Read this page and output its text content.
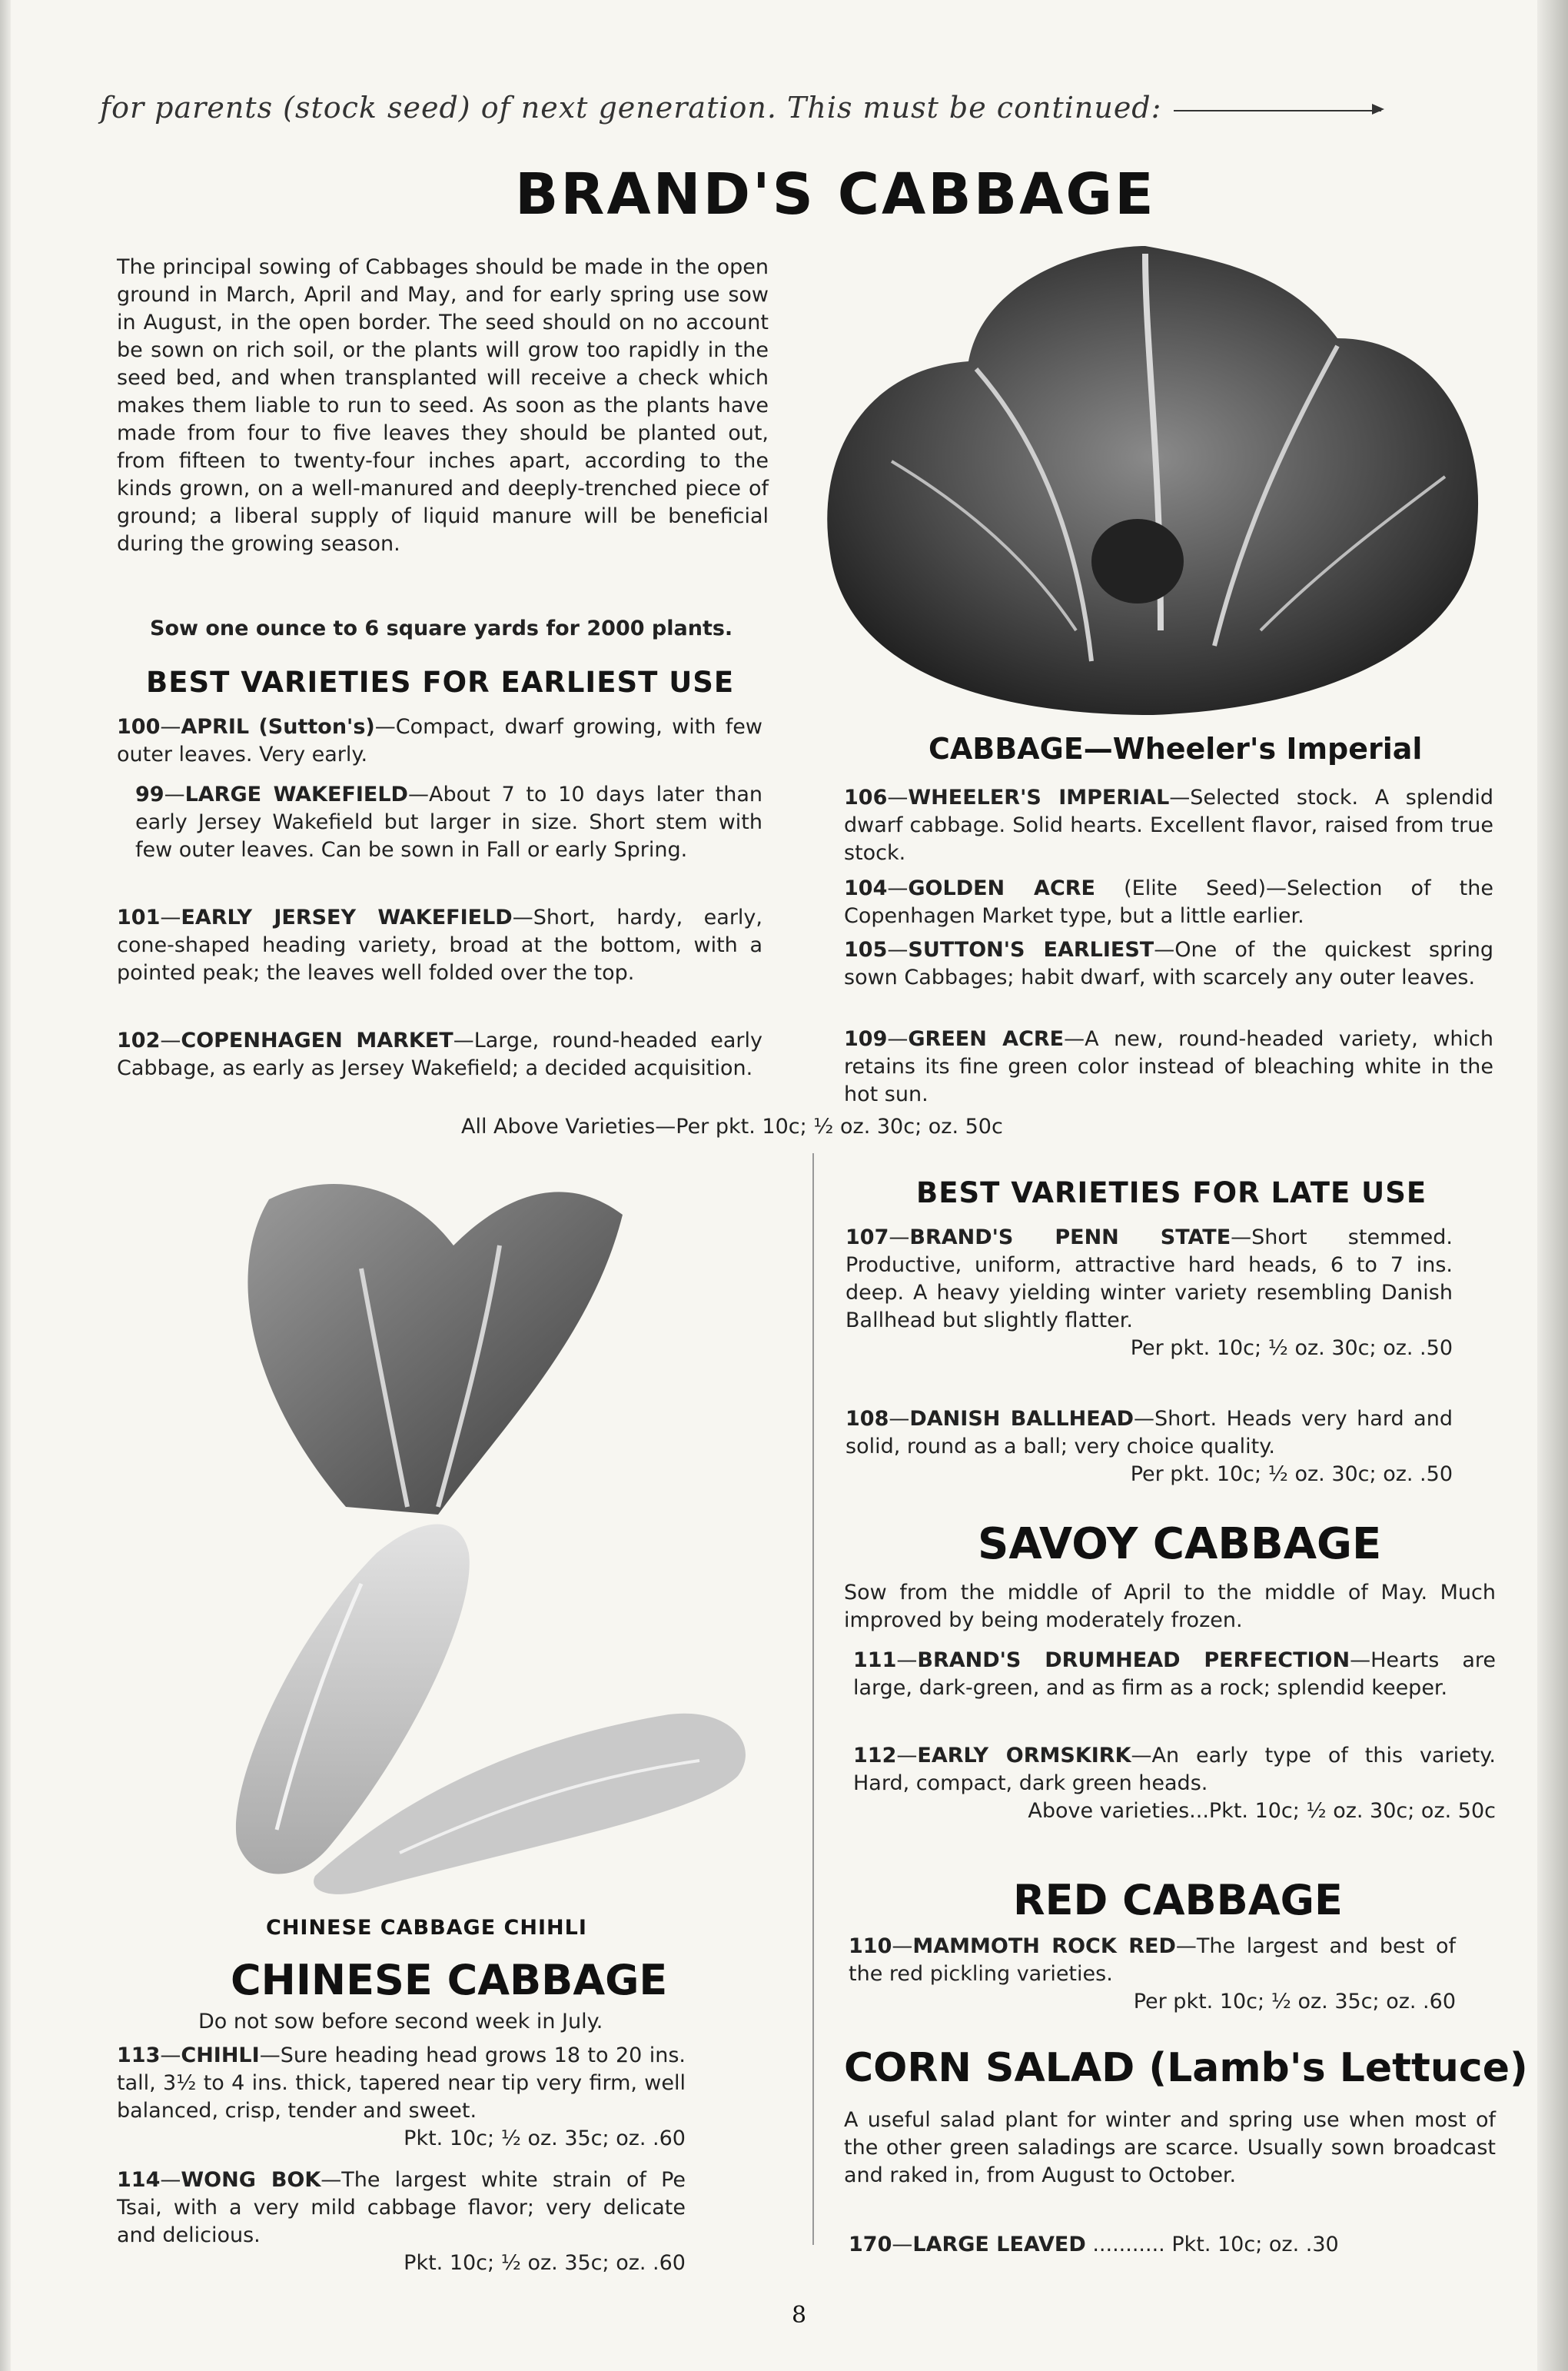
for parents (stock seed) of next generation. This must be continued:
BRAND'S CABBAGE
The principal sowing of Cabbages should be made in the open ground in March, April and May, and for early spring use sow in August, in the open border. The seed should on no account be sown on rich soil, or the plants will grow too rapidly in the seed bed, and when transplanted will receive a check which makes them liable to run to seed. As soon as the plants have made from four to five leaves they should be planted out, from fifteen to twenty-four inches apart, according to the kinds grown, on a well-manured and deeply-trenched piece of ground; a liberal supply of liquid manure will be beneficial during the growing season.
Sow one ounce to 6 square yards for 2000 plants.
BEST VARIETIES FOR EARLIEST USE
100—APRIL (Sutton's)—Compact, dwarf growing, with few outer leaves. Very early.
99—LARGE WAKEFIELD—About 7 to 10 days later than early Jersey Wakefield but larger in size. Short stem with few outer leaves. Can be sown in Fall or early Spring.
101—EARLY JERSEY WAKEFIELD—Short, hardy, early, cone-shaped heading variety, broad at the bottom, with a pointed peak; the leaves well folded over the top.
102—COPENHAGEN MARKET—Large, round-headed early Cabbage, as early as Jersey Wakefield; a decided acquisition.
All Above Varieties—Per pkt. 10c; ½ oz. 30c; oz. 50c
CABBAGE—Wheeler's Imperial
106—WHEELER'S IMPERIAL—Selected stock. A splendid dwarf cabbage. Solid hearts. Excellent flavor, raised from true stock.
104—GOLDEN ACRE (Elite Seed)—Selection of the Copenhagen Market type, but a little earlier.
105—SUTTON'S EARLIEST—One of the quickest spring sown Cabbages; habit dwarf, with scarcely any outer leaves.
109—GREEN ACRE—A new, round-headed variety, which retains its fine green color instead of bleaching white in the hot sun.
BEST VARIETIES FOR LATE USE
107—BRAND'S PENN STATE—Short stemmed. Productive, uniform, attractive hard heads, 6 to 7 ins. deep. A heavy yielding winter variety resembling Danish Ballhead but slightly flatter.
Per pkt. 10c; ½ oz. 30c; oz. .50
108—DANISH BALLHEAD—Short. Heads very hard and solid, round as a ball; very choice quality.
Per pkt. 10c; ½ oz. 30c; oz. .50
SAVOY CABBAGE
Sow from the middle of April to the middle of May. Much improved by being moderately frozen.
111—BRAND'S DRUMHEAD PERFECTION—Hearts are large, dark-green, and as firm as a rock; splendid keeper.
112—EARLY ORMSKIRK—An early type of this variety. Hard, compact, dark green heads.
Above varieties...Pkt. 10c; ½ oz. 30c; oz. 50c
RED CABBAGE
110—MAMMOTH ROCK RED—The largest and best of the red pickling varieties.
Per pkt. 10c; ½ oz. 35c; oz. .60
CORN SALAD (Lamb's Lettuce)
A useful salad plant for winter and spring use when most of the other green saladings are scarce. Usually sown broadcast and raked in, from August to October.
170—LARGE LEAVED ........... Pkt. 10c; oz. .30
CHINESE CABBAGE CHIHLI
CHINESE CABBAGE
Do not sow before second week in July.
113—CHIHLI—Sure heading head grows 18 to 20 ins. tall, 3½ to 4 ins. thick, tapered near tip very firm, well balanced, crisp, tender and sweet.
Pkt. 10c; ½ oz. 35c; oz. .60
114—WONG BOK—The largest white strain of Pe Tsai, with a very mild cabbage flavor; very delicate and delicious.
Pkt. 10c; ½ oz. 35c; oz. .60
8
